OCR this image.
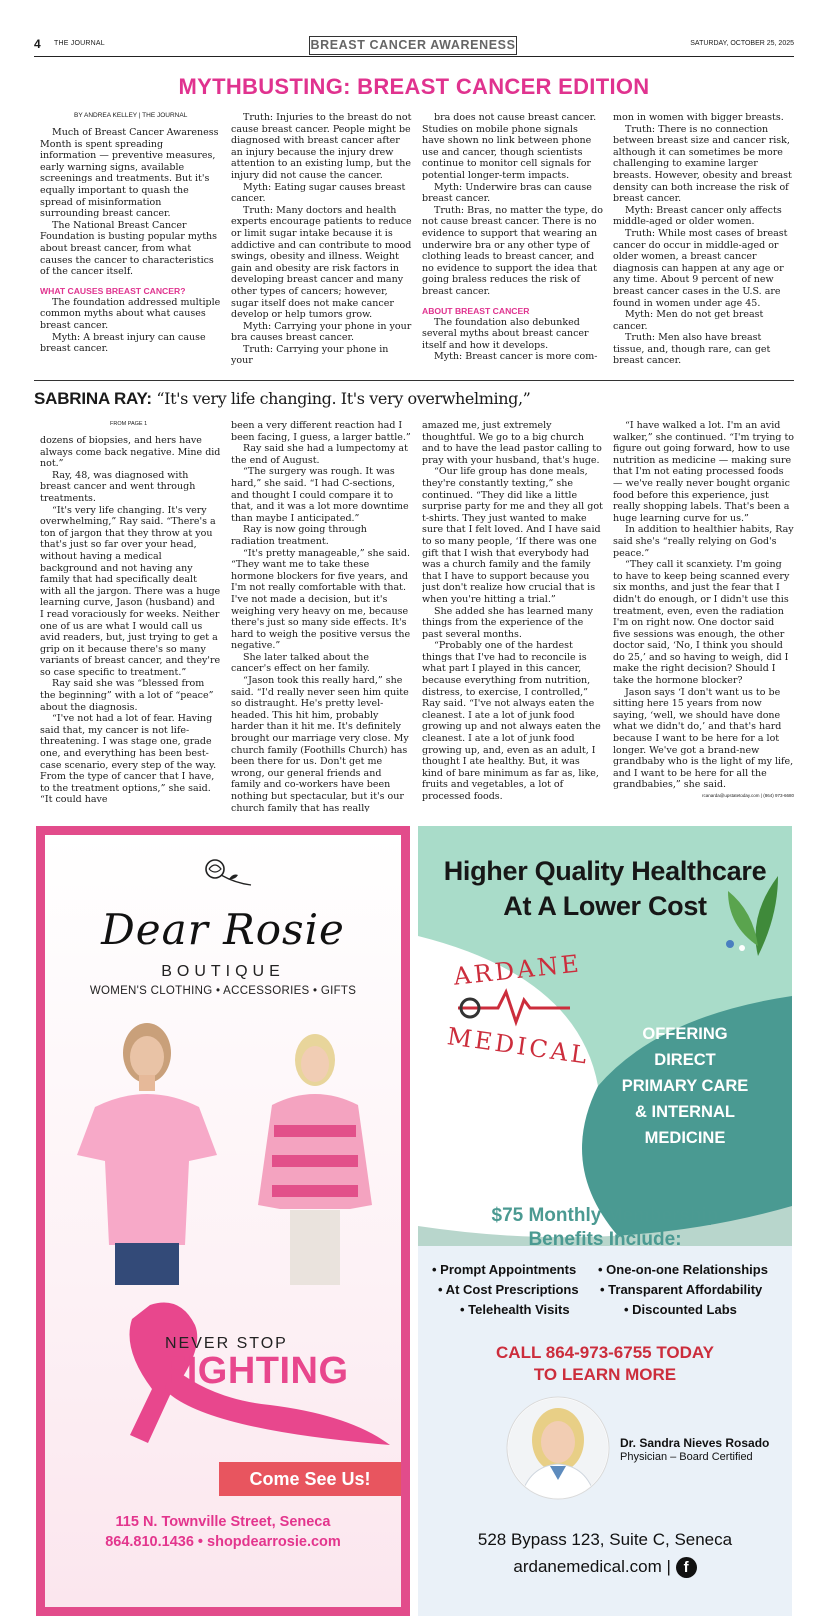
4 THE JOURNAL	BREAST CANCER AWARENESS	SATURDAY, OCTOBER 25, 2025
MYTHBUSTING: BREAST CANCER EDITION

BY ANDREA KELLEY | THE JOURNAL

Much of Breast Cancer Awareness Month is spent spreading information — preventive measures, early warning signs, available screenings and treatments. But it's equally important to quash the spread of misinformation surrounding breast cancer.

The National Breast Cancer Foundation is busting popular myths about breast cancer, from what causes the cancer to characteristics of the cancer itself.

WHAT CAUSES BREAST CANCER?

The foundation addressed multiple common myths about what causes breast cancer.

Myth: A breast injury can cause breast cancer.

Truth: Injuries to the breast do not cause breast cancer. People might be diagnosed with breast cancer after an injury because the injury drew attention to an existing lump, but the injury did not cause the cancer.

Myth: Eating sugar causes breast cancer.

Truth: Many doctors and health experts encourage patients to reduce or limit sugar intake because it is addictive and can contribute to mood swings, obesity and illness. Weight gain and obesity are risk factors in developing breast cancer and many other types of cancers; however, sugar itself does not make cancer develop or help tumors grow.

Myth: Carrying your phone in your bra causes breast cancer.

Truth: Carrying your phone in your

bra does not cause breast cancer. Studies on mobile phone signals have shown no link between phone use and cancer, though scientists continue to monitor cell signals for potential longer-term impacts.

Myth: Underwire bras can cause breast cancer.

Truth: Bras, no matter the type, do not cause breast cancer. There is no evidence to support that wearing an underwire bra or any other type of clothing leads to breast cancer, and no evidence to support the idea that going braless reduces the risk of breast cancer.

ABOUT BREAST CANCER

The foundation also debunked several myths about breast cancer itself and how it develops.

Myth: Breast cancer is more com-

mon in women with bigger breasts.

Truth: There is no connection between breast size and cancer risk, although it can sometimes be more challenging to examine larger breasts. However, obesity and breast density can both increase the risk of breast cancer.

Myth: Breast cancer only affects middle-aged or older women.

Truth: While most cases of breast cancer do occur in middle-aged or older women, a breast cancer diagnosis can happen at any age or any time. About 9 percent of new breast cancer cases in the U.S. are found in women under age 45.

Myth: Men do not get breast cancer.

Truth: Men also have breast tissue, and, though rare, can get breast cancer.

SABRINA RAY: “It's very life changing. It's very overwhelming,”

FROM PAGE 1

dozens of biopsies, and hers have always come back negative. Mine did not.”

Ray, 48, was diagnosed with breast cancer and went through treatments.

“It's very life changing. It's very overwhelming,” Ray said. “There's a ton of jargon that they throw at you that's just so far over your head, without having a medical background and not having any family that had specifically dealt with all the jargon. There was a huge learning curve, Jason (husband) and I read voraciously for weeks. Neither one of us are what I would call us avid readers, but, just trying to get a grip on it because there's so many variants of breast cancer, and they're so case specific to treatment.”

Ray said she was “blessed from the beginning” with a lot of “peace” about the diagnosis.

“I've not had a lot of fear. Having said that, my cancer is not life-threatening. I was stage one, grade one, and everything has been best-case scenario, every step of the way. From the type of cancer that I have, to the treatment options,” she said. “It could have

been a very different reaction had I been facing, I guess, a larger battle.”

Ray said she had a lumpectomy at the end of August.

“The surgery was rough. It was hard,” she said. “I had C-sections, and thought I could compare it to that, and it was a lot more downtime than maybe I anticipated.”

Ray is now going through radiation treatment.

“It's pretty manageable,” she said. “They want me to take these hormone blockers for five years, and I'm not really comfortable with that. I've not made a decision, but it's weighing very heavy on me, because there's just so many side effects. It's hard to weigh the positive versus the negative.”

She later talked about the cancer's effect on her family.

“Jason took this really hard,” she said. “I'd really never seen him quite so distraught. He's pretty level-headed. This hit him, probably harder than it hit me. It's definitely brought our marriage very close. My church family (Foothills Church) has been there for us. Don't get me wrong, our general friends and family and co-workers have been nothing but spectacular, but it's our church family that has really

amazed me, just extremely thoughtful. We go to a big church and to have the lead pastor calling to pray with your husband, that's huge.

“Our life group has done meals, they're constantly texting,” she continued. “They did like a little surprise party for me and they all got t-shirts. They just wanted to make sure that I felt loved. And I have said to so many people, ‘If there was one gift that I wish that everybody had was a church family and the family that I have to support because you just don't realize how crucial that is when you're hitting a trial.”

She added she has learned many things from the experience of the past several months.

“Probably one of the hardest things that I've had to reconcile is what part I played in this cancer, because everything from nutrition, distress, to exercise, I controlled,” Ray said. “I've not always eaten the cleanest. I ate a lot of junk food growing up and not always eaten the cleanest. I ate a lot of junk food growing up, and, even as an adult, I thought I ate healthy. But, it was kind of bare minimum as far as, like, fruits and vegetables, a lot of processed foods.

“I have walked a lot. I'm an avid walker,” she continued. “I'm trying to figure out going forward, how to use nutrition as medicine — making sure that I'm not eating processed foods — we've really never bought organic food before this experience, just really shopping labels. That's been a huge learning curve for us.”

In addition to healthier habits, Ray said she's “really relying on God's peace.”

“They call it scanxiety. I'm going to have to keep being scanned every six months, and just the fear that I didn't do enough, or I didn't use this treatment, even, even the radiation I'm on right now. One doctor said five sessions was enough, the other doctor said, ‘No, I think you should do 25,’ and so having to weigh, did I make the right decision? Should I take the hormone blocker?

Jason says ‘I don't want us to be sitting here 15 years from now saying, ‘well, we should have done what we didn't do,’ and that's hard because I want to be here for a lot longer. We've got a brand-new grandbaby who is the light of my life, and I want to be here for all the grandbabies,” she said.

rcanarda@upstatetoday.com | (864) 973-6680

Dear Rosie
BOUTIQUE
WOMEN'S CLOTHING • ACCESSORIES • GIFTS
NEVER STOP
FIGHTING
Come See Us!
115 N. Townville Street, Seneca
864.810.1436 • shopdearrosie.com
Higher Quality Healthcare
At A Lower Cost
ARDANE
MEDICAL	OFFERING
DIRECT
PRIMARY CARE
& INTERNAL
MEDICINE
$75 Monthly Membership
Benefits Include:
• Prompt Appointments
• At Cost Prescriptions
• Telehealth Visits
• One-on-one Relationships
• Transparent Affordability
• Discounted Labs
CALL 864-973-6755 TODAY
TO LEARN MORE
Dr. Sandra Nieves Rosado
Physician – Board Certified
528 Bypass 123, Suite C, Seneca
ardanemedical.com | f
